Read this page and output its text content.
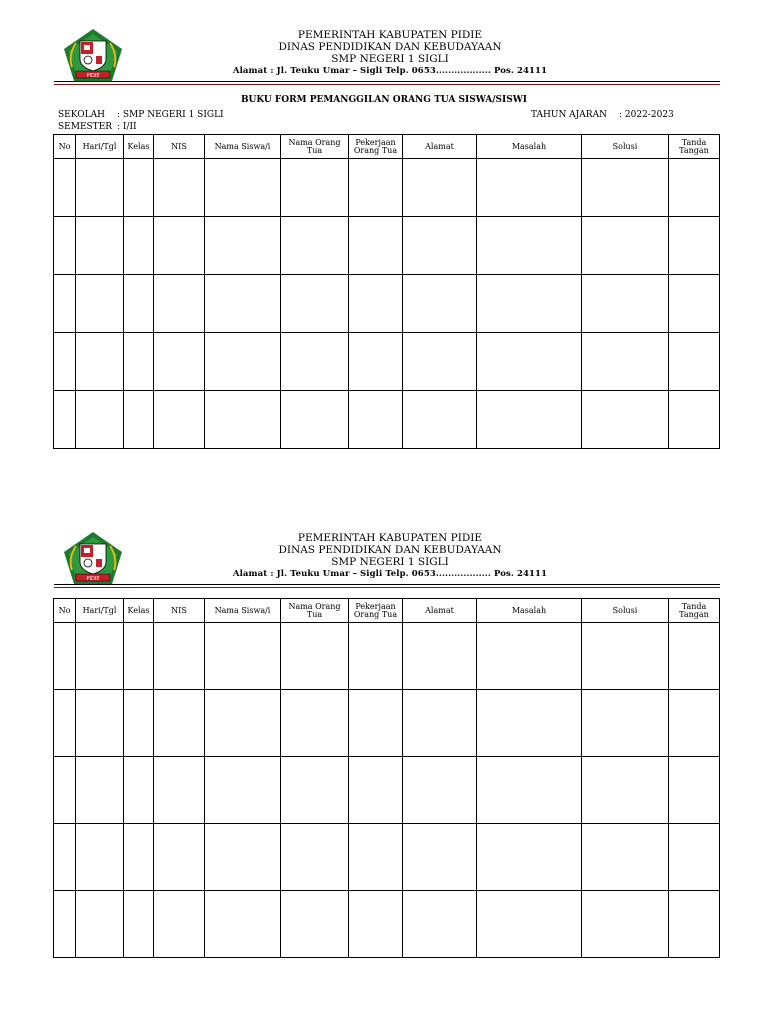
PIDIE
PEMERINTAH KABUPATEN PIDIE
DINAS PENDIDIKAN DAN KEBUDAYAAN
SMP NEGERI 1 SIGLI
Alamat : Jl. Teuku Umar – Sigli Telp. 0653.................. Pos. 24111
BUKU FORM PEMANGGILAN ORANG TUA SISWA/SISWI
SEKOLAH : SMP NEGERI 1 SIGLI
SEMESTER : I/II
TAHUN AJARAN : 2022-2023
No	Hari/Tgl	Kelas	NIS	Nama Siswa/i	Nama Orang Tua	Pekerjaan Orang Tua	Alamat	Masalah	Solusi	Tanda Tangan

PIDIE
PEMERINTAH KABUPATEN PIDIE
DINAS PENDIDIKAN DAN KEBUDAYAAN
SMP NEGERI 1 SIGLI
Alamat : Jl. Teuku Umar – Sigli Telp. 0653.................. Pos. 24111
No	Hari/Tgl	Kelas	NIS	Nama Siswa/i	Nama Orang Tua	Pekerjaan Orang Tua	Alamat	Masalah	Solusi	Tanda Tangan
